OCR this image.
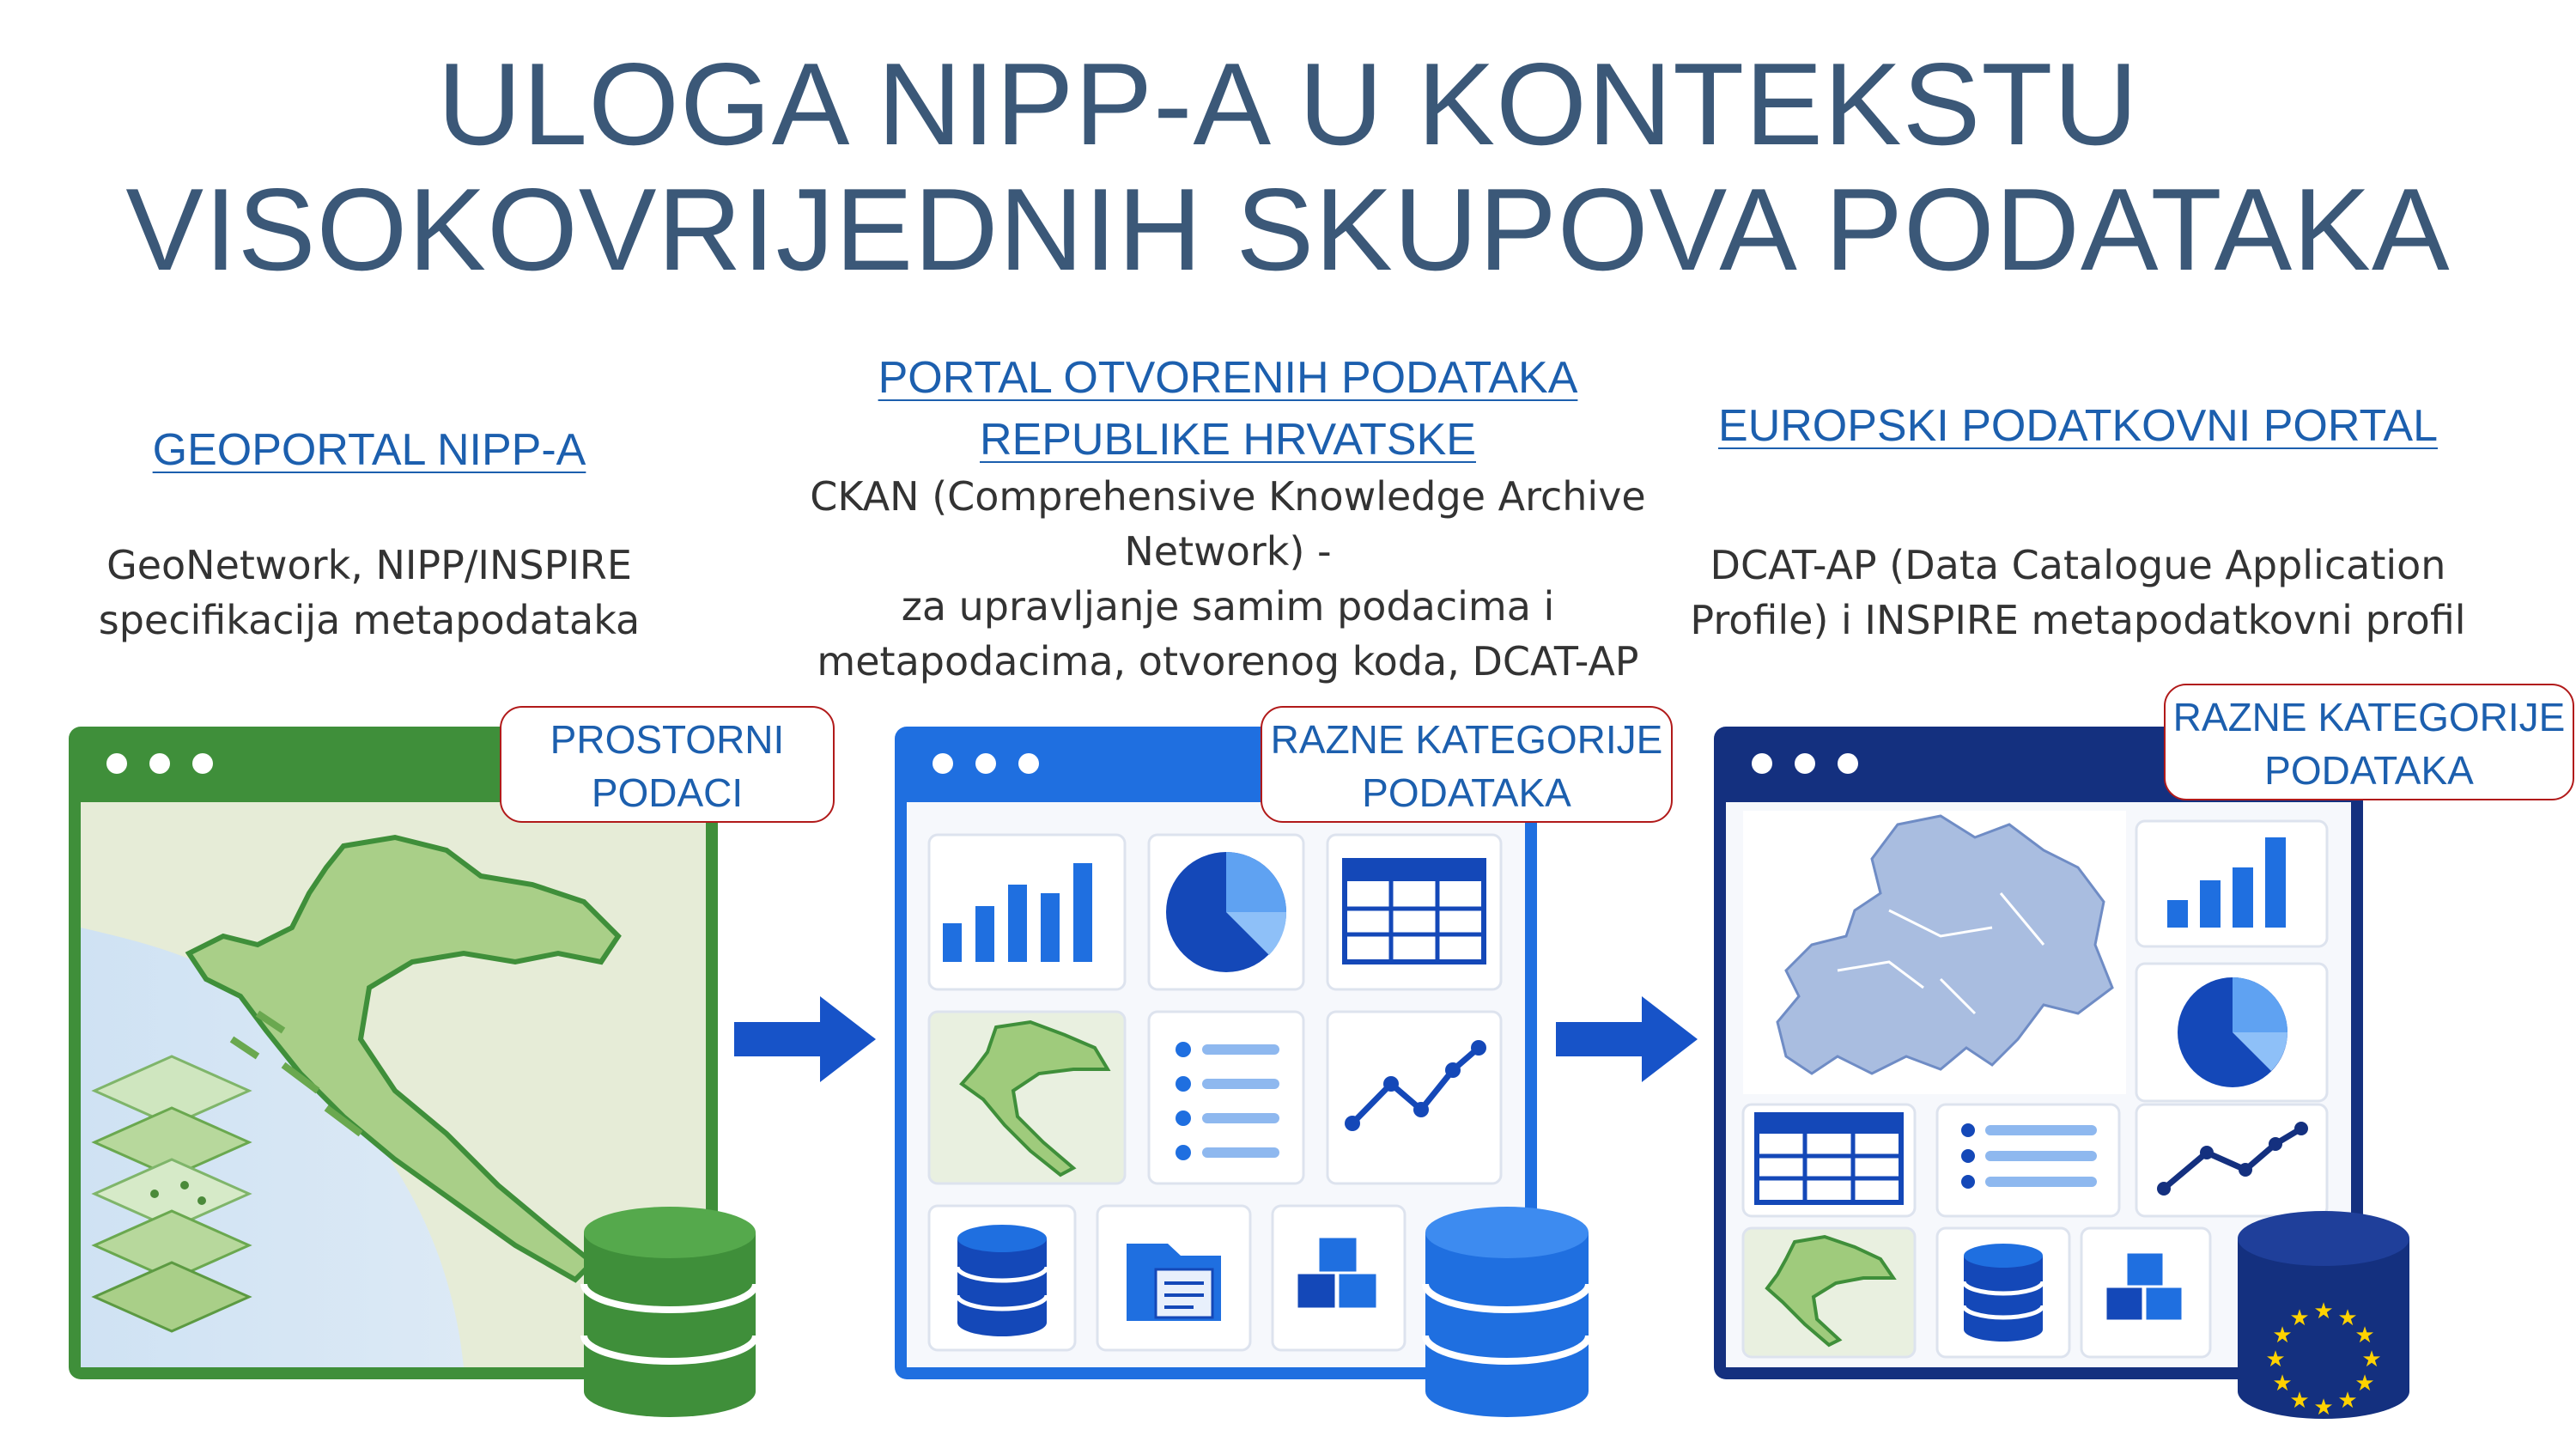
ULOGA NIPP-A U KONTEKSTU
VISOKOVRIJEDNIH SKUPOVA PODATAKA
GEOPORTAL NIPP-A
GeoNetwork, NIPP/INSPIRE
specifikacija metapodataka
PORTAL OTVORENIH PODATAKA
REPUBLIKE HRVATSKE
CKAN (Comprehensive Knowledge Archive
Network) -
za upravljanje samim podacima i
metapodacima, otvorenog koda, DCAT-AP
EUROPSKI PODATKOVNI PORTAL
DCAT-AP (Data Catalogue Application
Profile) i INSPIRE metapodatkovni profil
★ ★
★
★
★
★
★
★
★
★
★
★
PROSTORNI
PODACI
RAZNE KATEGORIJE
PODATAKA
RAZNE KATEGORIJE
PODATAKA
